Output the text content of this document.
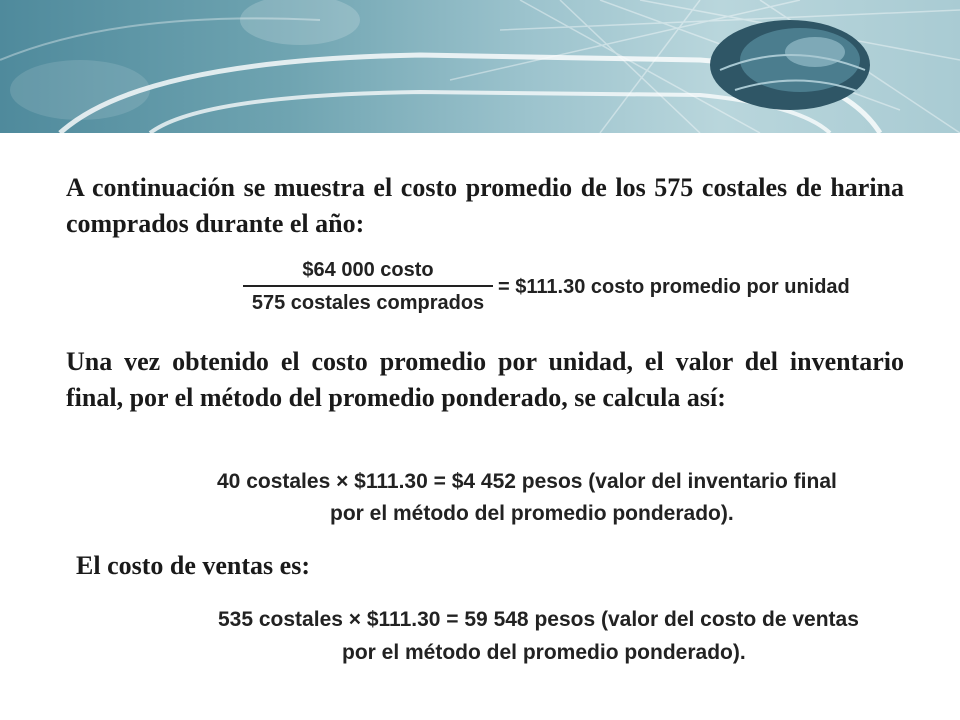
A continuación se muestra el costo promedio de los 575 costales de harina comprados durante el año:

$64 000 costo
575 costales comprados
= $111.30 costo promedio por unidad

Una vez obtenido el costo promedio por unidad, el valor del inventario final, por el método del promedio ponderado, se calcula así:

40 costales × $111.30 = $4 452 pesos (valor del inventario final
por el método del promedio ponderado).

El costo de ventas es:

535 costales × $111.30 = 59 548 pesos (valor del costo de ventas
por el método del promedio ponderado).
